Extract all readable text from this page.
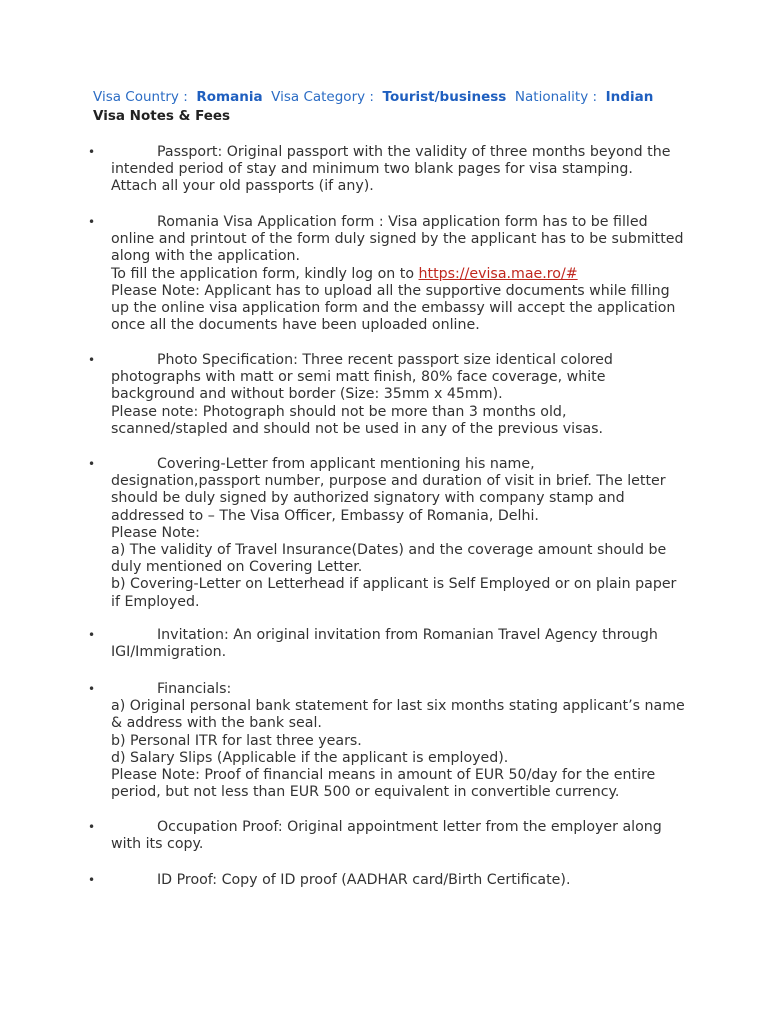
Visa Country : Romania Visa Category : Tourist/business Nationality : Indian
Visa Notes & Fees
•	Passport: Original passport with the validity of three months beyond the
intended period of stay and minimum two blank pages for visa stamping.
Attach all your old passports (if any).
•	Romania Visa Application form : Visa application form has to be filled
online and printout of the form duly signed by the applicant has to be submitted
along with the application.
To fill the application form, kindly log on to https://evisa.mae.ro/#
Please Note: Applicant has to upload all the supportive documents while filling
up the online visa application form and the embassy will accept the application
once all the documents have been uploaded online.
•	Photo Specification: Three recent passport size identical colored
photographs with matt or semi matt finish, 80% face coverage, white
background and without border (Size: 35mm x 45mm).
Please note: Photograph should not be more than 3 months old,
scanned/stapled and should not be used in any of the previous visas.
•	Covering-Letter from applicant mentioning his name,
designation,passport number, purpose and duration of visit in brief. The letter
should be duly signed by authorized signatory with company stamp and
addressed to – The Visa Officer, Embassy of Romania, Delhi.
Please Note:
a) The validity of Travel Insurance(Dates) and the coverage amount should be
duly mentioned on Covering Letter.
b) Covering-Letter on Letterhead if applicant is Self Employed or on plain paper
if Employed.
•	Invitation: An original invitation from Romanian Travel Agency through
IGI/Immigration.
•	Financials:
a) Original personal bank statement for last six months stating applicant’s name
& address with the bank seal.
b) Personal ITR for last three years.
d) Salary Slips (Applicable if the applicant is employed).
Please Note: Proof of financial means in amount of EUR 50/day for the entire
period, but not less than EUR 500 or equivalent in convertible currency.
•	Occupation Proof: Original appointment letter from the employer along
with its copy.
•	ID Proof: Copy of ID proof (AADHAR card/Birth Certificate).
